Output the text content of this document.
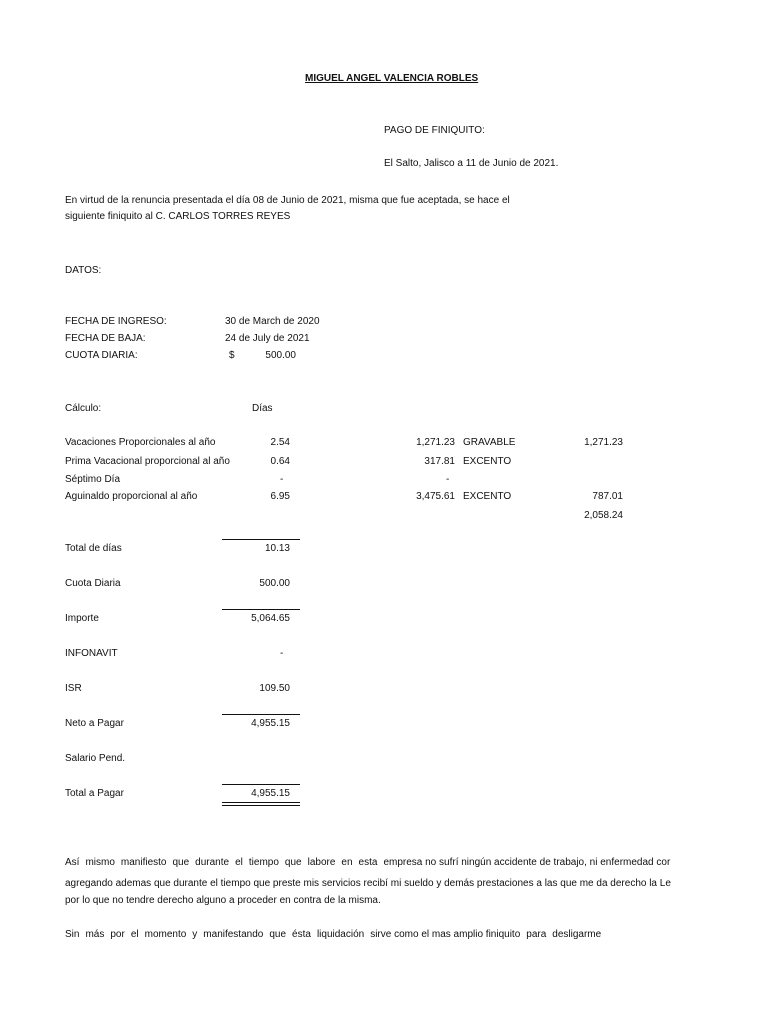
MIGUEL ANGEL VALENCIA ROBLES
PAGO DE FINIQUITO:
El Salto, Jalisco a 11 de Junio de 2021.
En virtud de la renuncia presentada el día 08 de Junio de 2021, misma que fue aceptada, se hace el
siguiente finiquito al C. CARLOS TORRES REYES
DATOS:
FECHA DE INGRESO:	30 de March de 2020
FECHA DE BAJA:	24 de July de 2021
CUOTA DIARIA:	$	500.00
Cálculo:	Días
Vacaciones Proporcionales al año	2.54	1,271.23 GRAVABLE	1,271.23
Prima Vacacional proporcional al año	0.64	317.81 EXCENTO
Séptimo Día	-	-
Aguinaldo proporcional al año	6.95	3,475.61 EXCENTO	787.01
2,058.24
Total de días	10.13
Cuota Diaria	500.00
Importe	5,064.65
INFONAVIT	-
ISR	109.50
Neto a Pagar	4,955.15
Salario Pend.
Total a Pagar	4,955.15
Así mismo manifiesto que durante el tiempo que labore en esta empresa no sufrí ningún accidente de trabajo, ni enfermedad cor
agregando ademas que durante el tiempo que preste mis servicios recibí mi sueldo y demás prestaciones a las que me da derecho la Le
por lo que no tendre derecho alguno a proceder en contra de la misma.
Sin más por el momento y manifestando que ésta liquidación sirve como el mas amplio finiquito para desligarme
